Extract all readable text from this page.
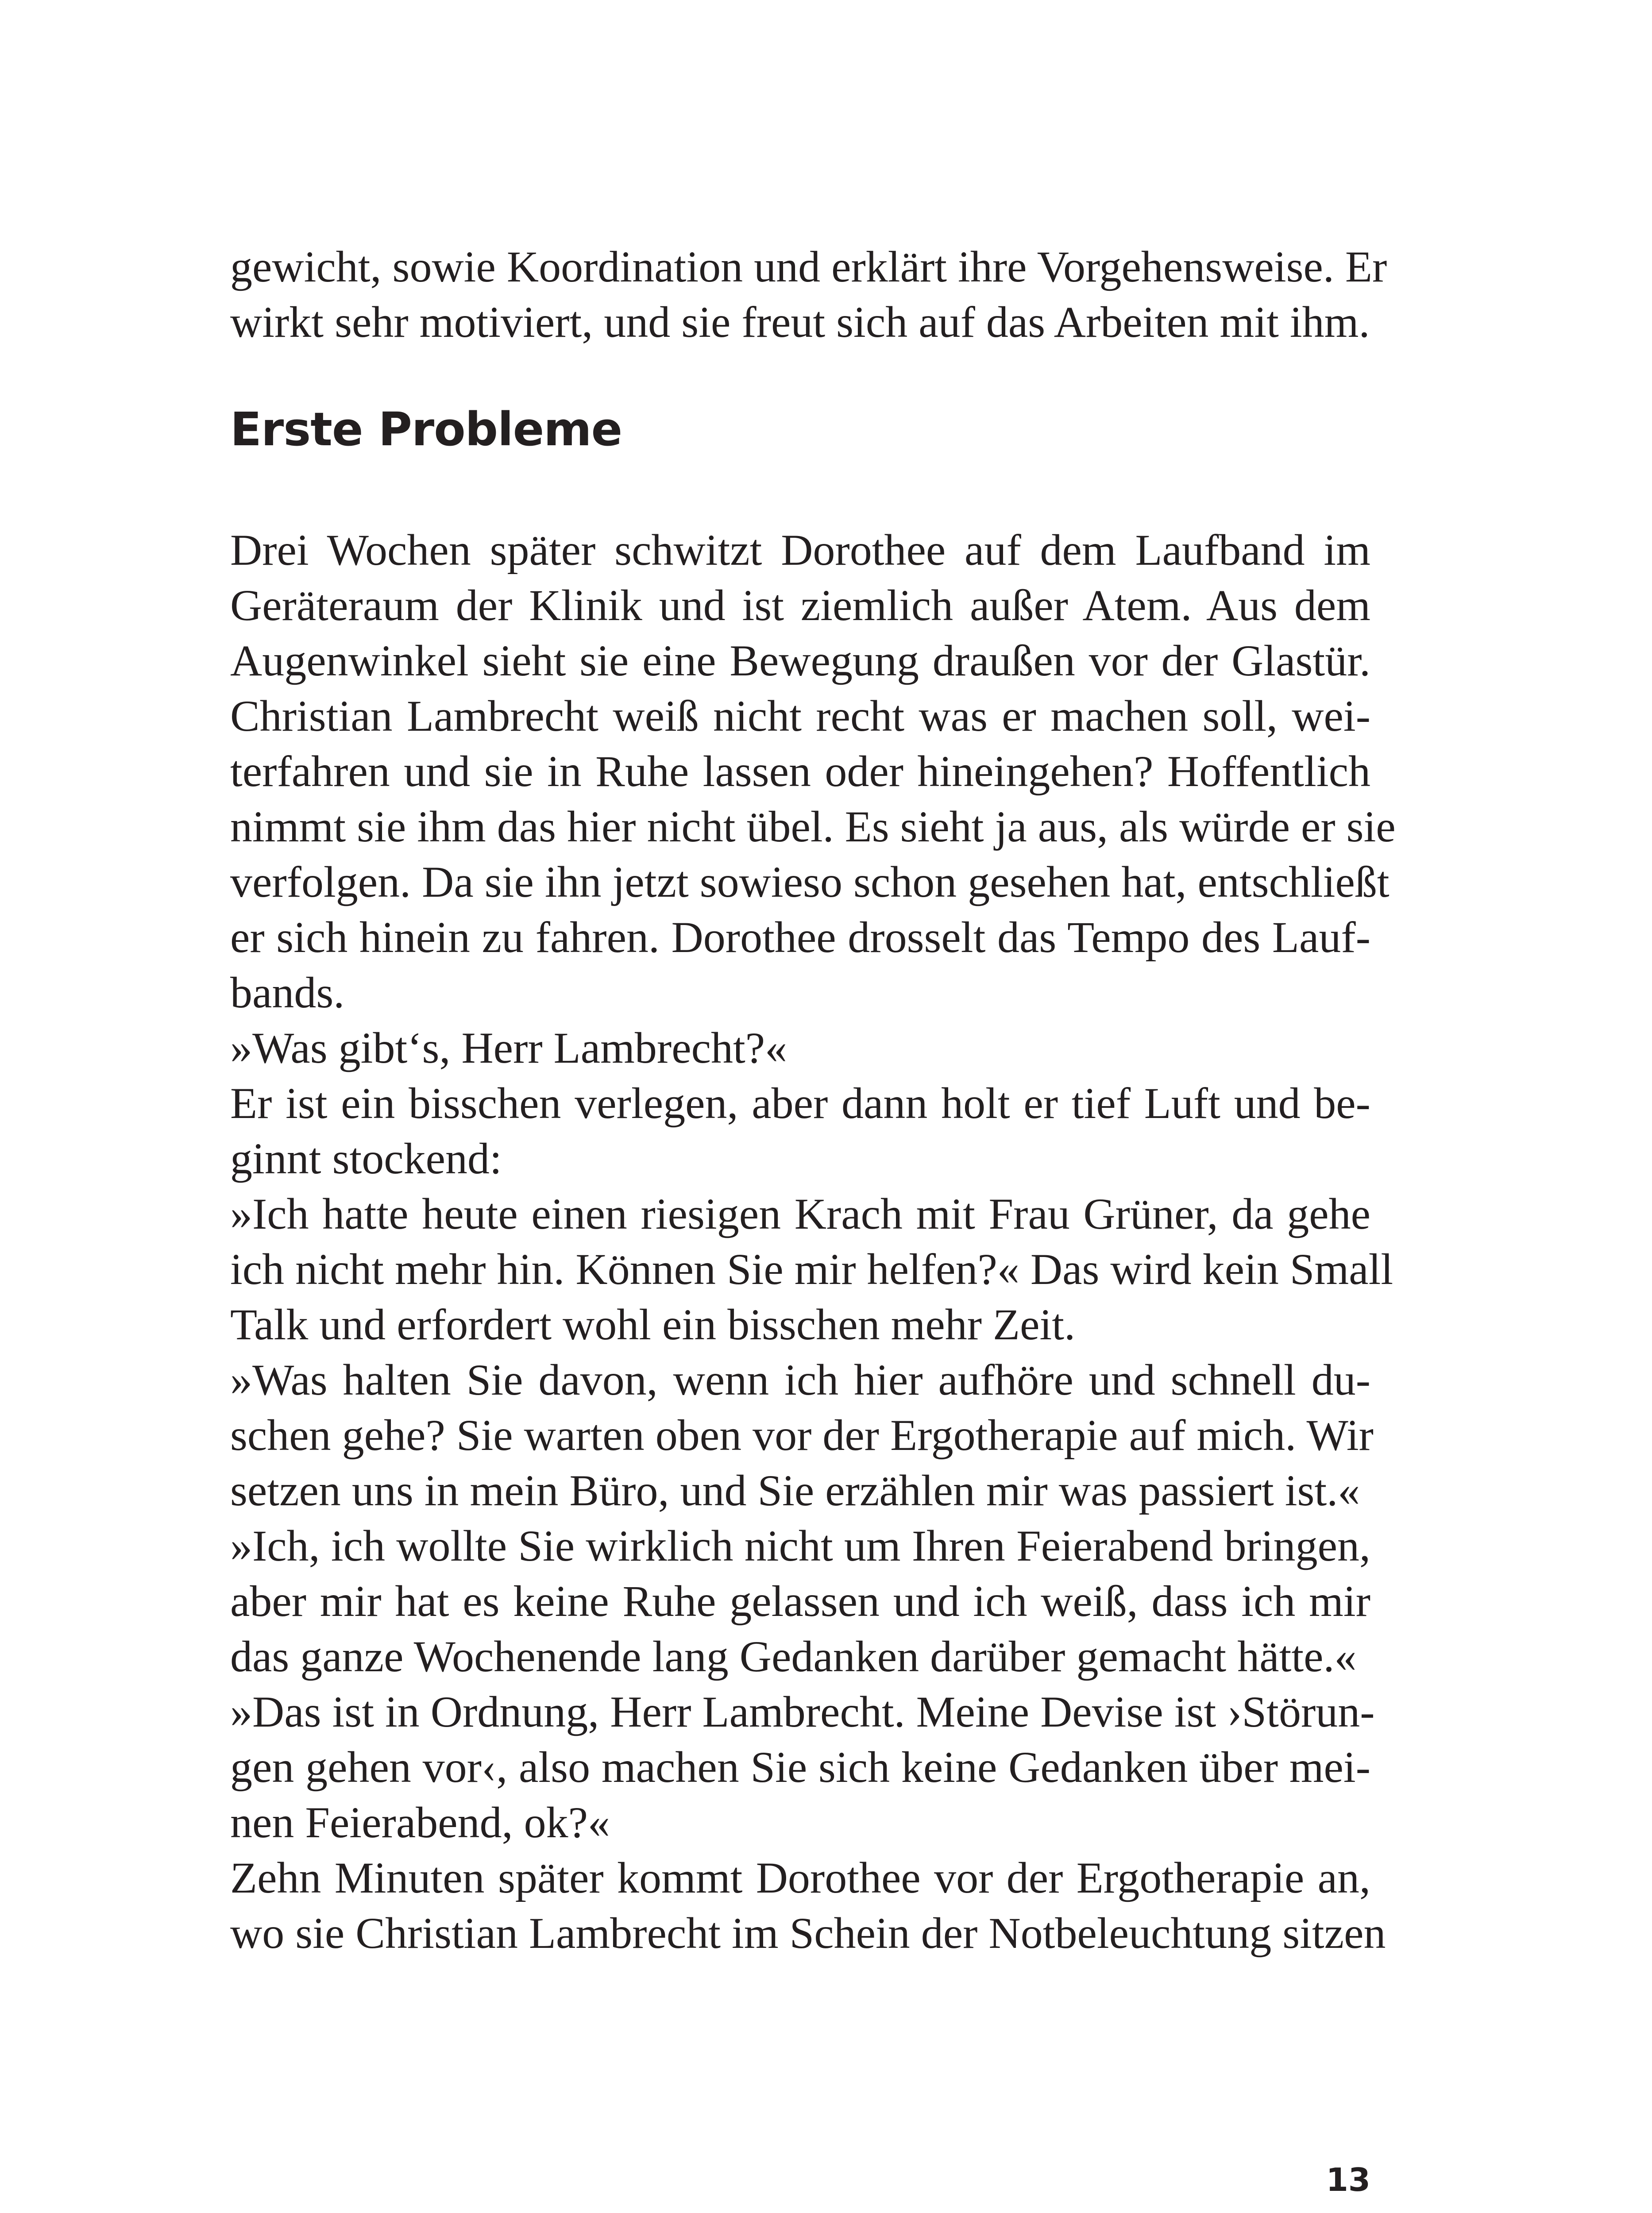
gewicht, sowie Koordination und erklärt ihre Vorgehensweise. Er
wirkt sehr motiviert, und sie freut sich auf das Arbeiten mit ihm.
Erste Probleme
Drei Wochen später schwitzt Dorothee auf dem Laufband im
Geräteraum der Klinik und ist ziemlich außer Atem. Aus dem
Augenwinkel sieht sie eine Bewegung draußen vor der Glastür.
Christian Lambrecht weiß nicht recht was er machen soll, wei-
terfahren und sie in Ruhe lassen oder hineingehen? Hoffentlich
nimmt sie ihm das hier nicht übel. Es sieht ja aus, als würde er sie
verfolgen. Da sie ihn jetzt sowieso schon gesehen hat, entschließt
er sich hinein zu fahren. Dorothee drosselt das Tempo des Lauf-
bands.
»Was gibt‘s, Herr Lambrecht?«
Er ist ein bisschen verlegen, aber dann holt er tief Luft und be-
ginnt stockend:
»Ich hatte heute einen riesigen Krach mit Frau Grüner, da gehe
ich nicht mehr hin. Können Sie mir helfen?« Das wird kein Small
Talk und erfordert wohl ein bisschen mehr Zeit.
»Was halten Sie davon, wenn ich hier aufhöre und schnell du-
schen gehe? Sie warten oben vor der Ergotherapie auf mich. Wir
setzen uns in mein Büro, und Sie erzählen mir was passiert ist.«
»Ich, ich wollte Sie wirklich nicht um Ihren Feierabend bringen,
aber mir hat es keine Ruhe gelassen und ich weiß, dass ich mir
das ganze Wochenende lang Gedanken darüber gemacht hätte.«
»Das ist in Ordnung, Herr Lambrecht. Meine Devise ist ›Störun-
gen gehen vor‹, also machen Sie sich keine Gedanken über mei-
nen Feierabend, ok?«
Zehn Minuten später kommt Dorothee vor der Ergotherapie an,
wo sie Christian Lambrecht im Schein der Notbeleuchtung sitzen
13
